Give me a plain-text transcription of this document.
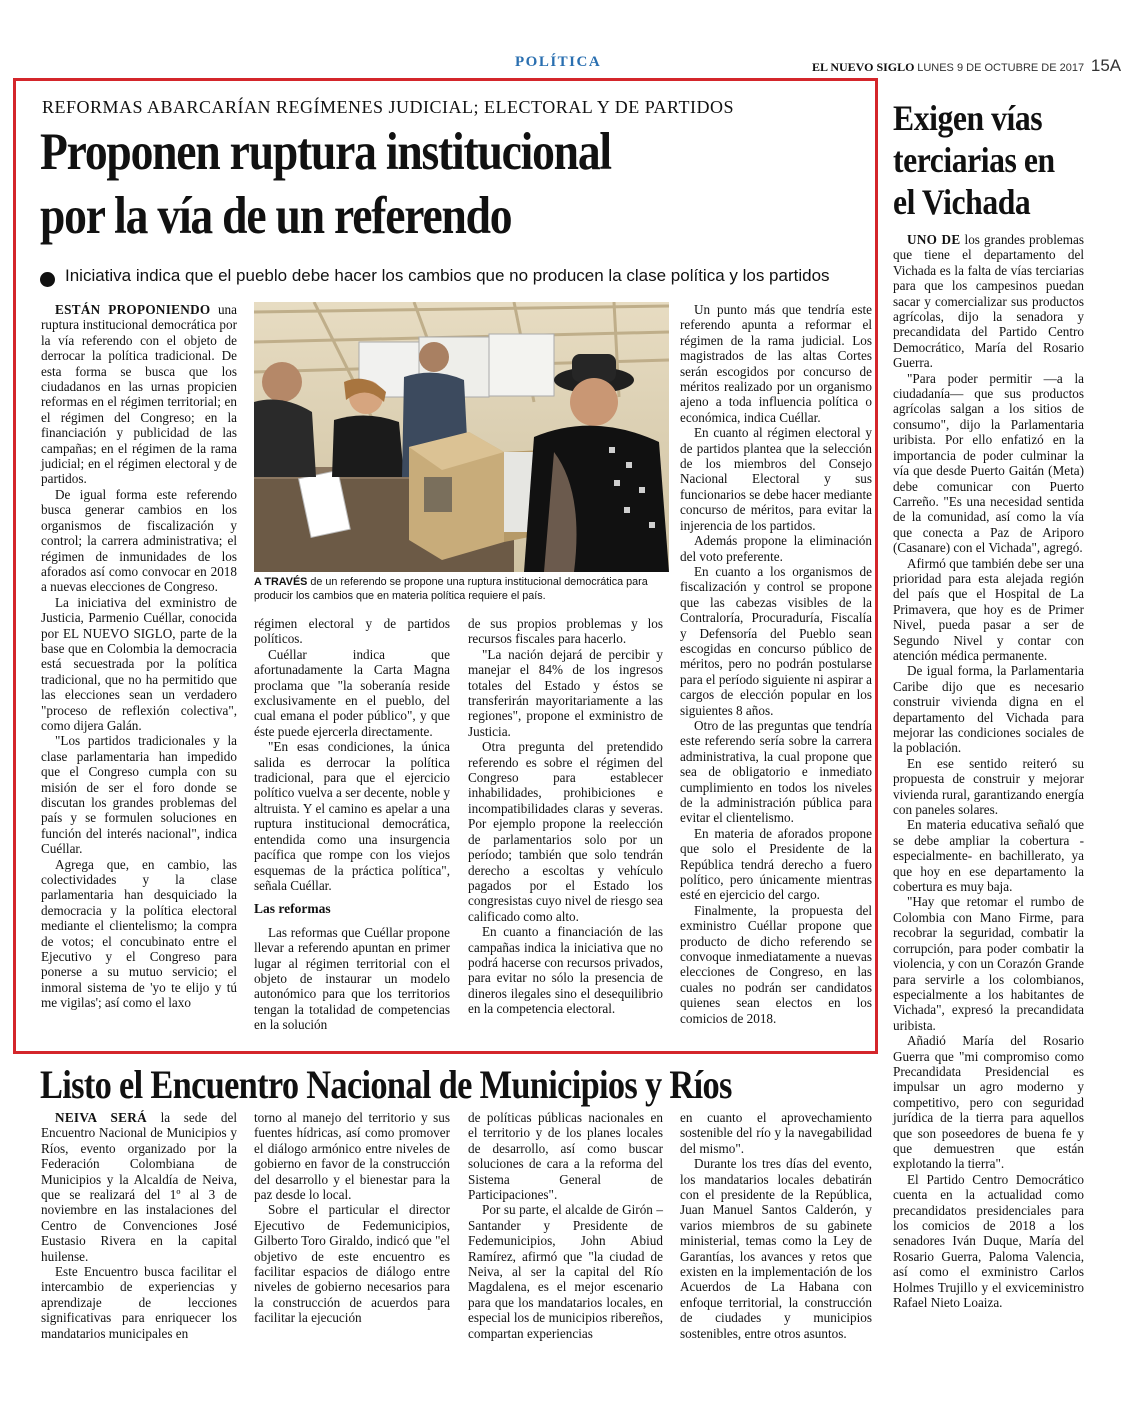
POLÍTICA	EL NUEVO SIGLO LUNES 9 DE OCTUBRE DE 2017 15A
REFORMAS ABARCARÍAN REGÍMENES JUDICIAL; ELECTORAL Y DE PARTIDOS
Proponen ruptura institucional
por la vía de un referendo
Iniciativa indica que el pueblo debe hacer los cambios que no producen la clase política y los partidos

ESTÁN PROPONIENDO una ruptura institucional democrática por la vía referendo con el objeto de derrocar la política tradicional. De esta forma se busca que los ciudadanos en las urnas propicien reformas en el régimen territorial; en el régimen del Congreso; en la financiación y publicidad de las campañas; en el régimen de la rama judicial; en el régimen electoral y de partidos.

De igual forma este referendo busca generar cambios en los organismos de fiscalización y control; la carrera administrativa; el régimen de inmunidades de los aforados así como convocar en 2018 a nuevas elecciones de Congreso.

La iniciativa del exministro de Justicia, Parmenio Cuéllar, conocida por EL NUEVO SIGLO, parte de la base que en Colombia la democracia está secuestrada por la política tradicional, que no ha permitido que las elecciones sean un verdadero "proceso de reflexión colectiva", como dijera Galán.

"Los partidos tradicionales y la clase parlamentaria han impedido que el Congreso cumpla con su misión de ser el foro donde se discutan los grandes problemas del país y se formulen soluciones en función del interés nacional", indica Cuéllar.

Agrega que, en cambio, las colectividades y la clase parlamentaria han desquiciado la democracia y la política electoral mediante el clientelismo; la compra de votos; el concubinato entre el Ejecutivo y el Congreso para ponerse a su mutuo servicio; el inmoral sistema de 'yo te elijo y tú me vigilas'; así como el laxo

A TRAVÉS de un referendo se propone una ruptura institucional democrática para producir los cambios que en materia política requiere el país.

régimen electoral y de partidos políticos.

Cuéllar indica que afortunadamente la Carta Magna proclama que "la soberanía reside exclusivamente en el pueblo, del cual emana el poder público", y que éste puede ejercerla directamente.

"En esas condiciones, la única salida es derrocar la política tradicional, para que el ejercicio político vuelva a ser decente, noble y altruista. Y el camino es apelar a una ruptura institucional democrática, entendida como una insurgencia pacífica que rompe con los viejos esquemas de la práctica política", señala Cuéllar.

Las reformas

Las reformas que Cuéllar propone llevar a referendo apuntan en primer lugar al régimen territorial con el objeto de instaurar un modelo autonómico para que los territorios tengan la totalidad de competencias en la solución

de sus propios problemas y los recursos fiscales para hacerlo.

"La nación dejará de percibir y manejar el 84% de los ingresos totales del Estado y éstos se transferirán mayoritariamente a las regiones", propone el exministro de Justicia.

Otra pregunta del pretendido referendo es sobre el régimen del Congreso para establecer inhabilidades, prohibiciones e incompatibilidades claras y severas. Por ejemplo propone la reelección de parlamentarios solo por un período; también que solo tendrán derecho a escoltas y vehículo pagados por el Estado los congresistas cuyo nivel de riesgo sea calificado como alto.

En cuanto a financiación de las campañas indica la iniciativa que no podrá hacerse con recursos privados, para evitar no sólo la presencia de dineros ilegales sino el desequilibrio en la competencia electoral.

Un punto más que tendría este referendo apunta a reformar el régimen de la rama judicial. Los magistrados de las altas Cortes serán escogidos por concurso de méritos realizado por un organismo ajeno a toda influencia política o económica, indica Cuéllar.

En cuanto al régimen electoral y de partidos plantea que la selección de los miembros del Consejo Nacional Electoral y sus funcionarios se debe hacer mediante concurso de méritos, para evitar la injerencia de los partidos.

Además propone la eliminación del voto preferente.

En cuanto a los organismos de fiscalización y control se propone que las cabezas visibles de la Contraloría, Procuraduría, Fiscalía y Defensoría del Pueblo sean escogidas en concurso público de méritos, pero no podrán postularse para el período siguiente ni aspirar a cargos de elección popular en los siguientes 8 años.

Otro de las preguntas que tendría este referendo sería sobre la carrera administrativa, la cual propone que sea de obligatorio e inmediato cumplimiento en todos los niveles de la administración pública para evitar el clientelismo.

En materia de aforados propone que solo el Presidente de la República tendrá derecho a fuero político, pero únicamente mientras esté en ejercicio del cargo.

Finalmente, la propuesta del exministro Cuéllar propone que producto de dicho referendo se convoque inmediatamente a nuevas elecciones de Congreso, en las cuales no podrán ser candidatos quienes sean electos en los comicios de 2018.

Exigen vías
terciarias en
el Vichada

UNO DE los grandes problemas que tiene el departamento del Vichada es la falta de vías terciarias para que los campesinos puedan sacar y comercializar sus productos agrícolas, dijo la senadora y precandidata del Partido Centro Democrático, María del Rosario Guerra.

"Para poder permitir —a la ciudadanía— que sus productos agrícolas salgan a los sitios de consumo", dijo la Parlamentaria uribista. Por ello enfatizó en la importancia de poder culminar la vía que desde Puerto Gaitán (Meta) debe comunicar con Puerto Carreño. "Es una necesidad sentida de la comunidad, así como la vía que conecta a Paz de Ariporo (Casanare) con el Vichada", agregó.

Afirmó que también debe ser una prioridad para esta alejada región del país que el Hospital de La Primavera, que hoy es de Primer Nivel, pueda pasar a ser de Segundo Nivel y contar con atención médica permanente.

De igual forma, la Parlamentaria Caribe dijo que es necesario construir vivienda digna en el departamento del Vichada para mejorar las condiciones sociales de la población.

En ese sentido reiteró su propuesta de construir y mejorar vivienda rural, garantizando energía con paneles solares.

En materia educativa señaló que se debe ampliar la cobertura -especialmente- en bachillerato, ya que hoy en ese departamento la cobertura es muy baja.

"Hay que retomar el rumbo de Colombia con Mano Firme, para recobrar la seguridad, combatir la corrupción, para poder combatir la violencia, y con un Corazón Grande para servirle a los colombianos, especialmente a los habitantes de Vichada", expresó la precandidata uribista.

Añadió María del Rosario Guerra que "mi compromiso como Precandidata Presidencial es impulsar un agro moderno y competitivo, pero con seguridad jurídica de la tierra para aquellos que son poseedores de buena fe y que demuestren que están explotando la tierra".

El Partido Centro Democrático cuenta en la actualidad como precandidatos presidenciales para los comicios de 2018 a los senadores Iván Duque, María del Rosario Guerra, Paloma Valencia, así como el exministro Carlos Holmes Trujillo y el exviceministro Rafael Nieto Loaiza.

Listo el Encuentro Nacional de Municipios y Ríos

NEIVA SERÁ la sede del Encuentro Nacional de Municipios y Ríos, evento organizado por la Federación Colombiana de Municipios y la Alcaldía de Neiva, que se realizará del 1º al 3 de noviembre en las instalaciones del Centro de Convenciones José Eustasio Rivera en la capital huilense.

Este Encuentro busca facilitar el intercambio de experiencias y aprendizaje de lecciones significativas para enriquecer los mandatarios municipales en

torno al manejo del territorio y sus fuentes hídricas, así como promover el diálogo armónico entre niveles de gobierno en favor de la construcción del desarrollo y el bienestar para la paz desde lo local.

Sobre el particular el director Ejecutivo de Fedemunicipios, Gilberto Toro Giraldo, indicó que "el objetivo de este encuentro es facilitar espacios de diálogo entre niveles de gobierno necesarios para la construcción de acuerdos para facilitar la ejecución

de políticas públicas nacionales en el territorio y de los planes locales de desarrollo, así como buscar soluciones de cara a la reforma del Sistema General de Participaciones".

Por su parte, el alcalde de Girón – Santander y Presidente de Fedemunicipios, John Abiud Ramírez, afirmó que "la ciudad de Neiva, al ser la capital del Río Magdalena, es el mejor escenario para que los mandatarios locales, en especial los de municipios ribereños, compartan experiencias

en cuanto el aprovechamiento sostenible del río y la navegabilidad del mismo".

Durante los tres días del evento, los mandatarios locales debatirán con el presidente de la República, Juan Manuel Santos Calderón, y varios miembros de su gabinete ministerial, temas como la Ley de Garantías, los avances y retos que existen en la implementación de los Acuerdos de La Habana con enfoque territorial, la construcción de ciudades y municipios sostenibles, entre otros asuntos.
